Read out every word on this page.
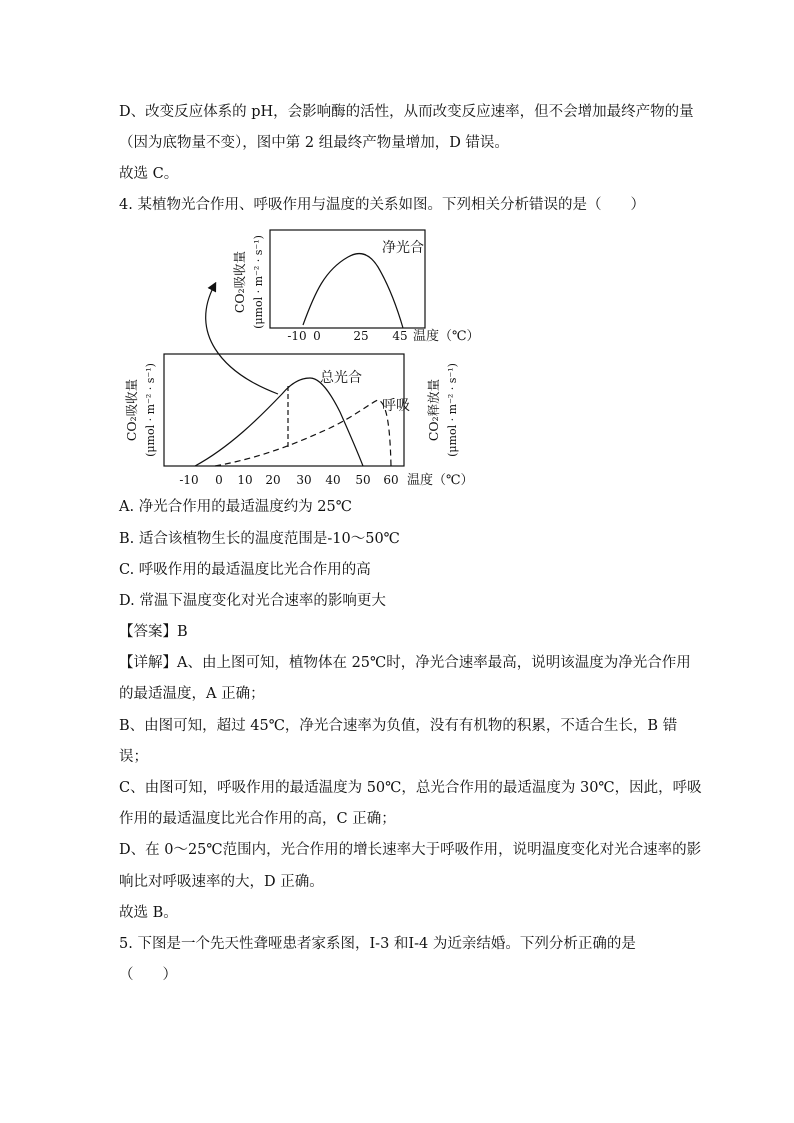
D、改变反应体系的 pH，会影响酶的活性，从而改变反应速率，但不会增加最终产物的量
（因为底物量不变），图中第 2 组最终产物量增加，D 错误。
故选 C。
4. 某植物光合作用、呼吸作用与温度的关系如图。下列相关分析错误的是（　　）
净光合
CO₂吸收量 (μmol · m⁻² · s⁻¹)
-10 0	25 45 温度（℃）
总光合
呼吸
CO₂吸收量 (μmol · m⁻² · s⁻¹)	CO₂释放量 (μmol · m⁻² · s⁻¹)
-10 0 10 20 30 40 50 60 温度（℃）
A. 净光合作用的最适温度约为 25℃
B. 适合该植物生长的温度范围是-10～50℃
C. 呼吸作用的最适温度比光合作用的高
D. 常温下温度变化对光合速率的影响更大
【答案】B
【详解】A、由上图可知，植物体在 25℃时，净光合速率最高，说明该温度为净光合作用
的最适温度，A 正确；
B、由图可知，超过 45℃，净光合速率为负值，没有有机物的积累，不适合生长，B 错
误；
C、由图可知，呼吸作用的最适温度为 50℃，总光合作用的最适温度为 30℃，因此，呼吸
作用的最适温度比光合作用的高，C 正确；
D、在 0～25℃范围内，光合作用的增长速率大于呼吸作用，说明温度变化对光合速率的影
响比对呼吸速率的大，D 正确。
故选 B。
5. 下图是一个先天性聋哑患者家系图，Ⅰ-3 和Ⅰ-4 为近亲结婚。下列分析正确的是
（　　）
